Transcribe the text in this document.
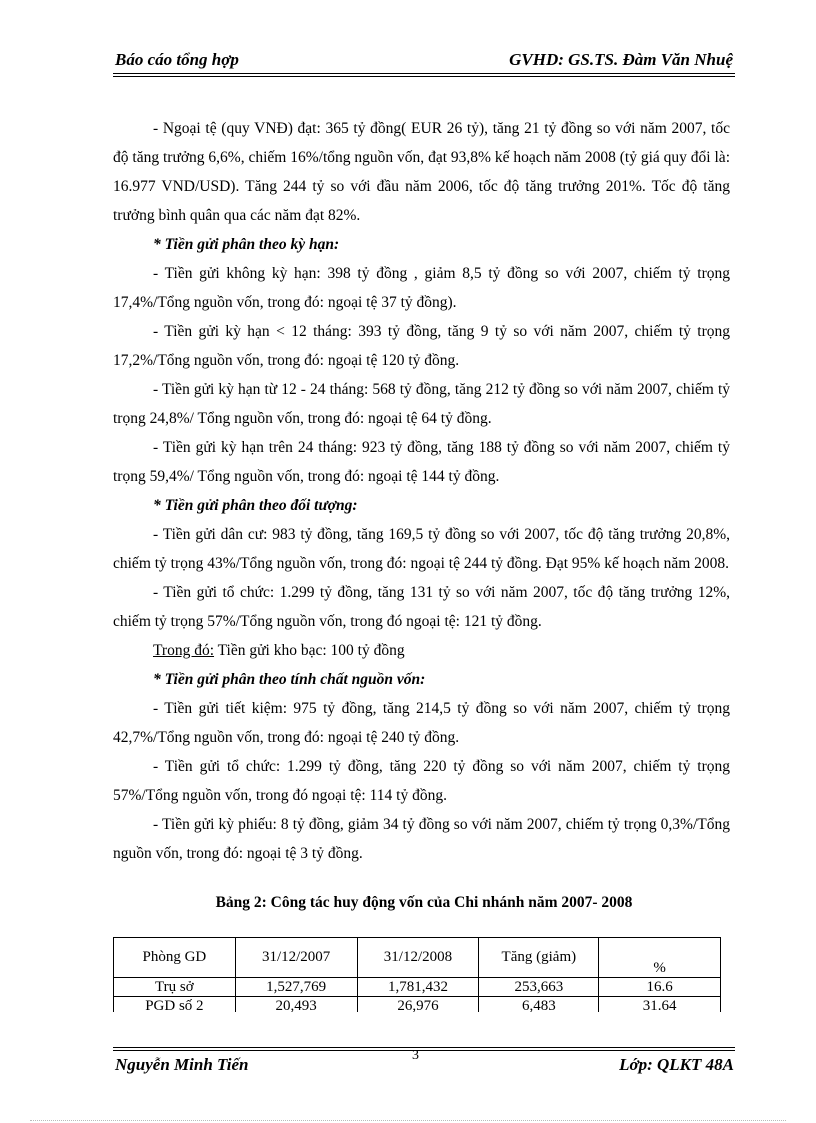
Báo cáo tổng hợp	GVHD: GS.TS. Đàm Văn Nhuệ

- Ngoại tệ (quy VNĐ) đạt: 365 tỷ đồng( EUR 26 tỷ), tăng 21 tỷ đồng so với năm 2007, tốc độ tăng trưởng 6,6%, chiếm 16%/tổng nguồn vốn, đạt 93,8% kế hoạch năm 2008 (tỷ giá quy đổi là: 16.977 VND/USD). Tăng 244 tỷ so với đầu năm 2006, tốc độ tăng trưởng 201%. Tốc độ tăng trưởng bình quân qua các năm đạt 82%.

* Tiền gửi phân theo kỳ hạn:

- Tiền gửi không kỳ hạn: 398 tỷ đồng , giảm 8,5 tỷ đồng so với 2007, chiếm tỷ trọng 17,4%/Tổng nguồn vốn, trong đó: ngoại tệ 37 tỷ đồng).

- Tiền gửi kỳ hạn < 12 tháng: 393 tỷ đồng, tăng 9 tỷ so với năm 2007, chiếm tỷ trọng 17,2%/Tổng nguồn vốn, trong đó: ngoại tệ 120 tỷ đồng.

- Tiền gửi kỳ hạn từ 12 - 24 tháng: 568 tỷ đồng, tăng 212 tỷ đồng so với năm 2007, chiếm tỷ trọng 24,8%/ Tổng nguồn vốn, trong đó: ngoại tệ 64 tỷ đồng.

- Tiền gửi kỳ hạn trên 24 tháng: 923 tỷ đồng, tăng 188 tỷ đồng so với năm 2007, chiếm tỷ trọng 59,4%/ Tổng nguồn vốn, trong đó: ngoại tệ 144 tỷ đồng.

* Tiền gửi phân theo đối tượng:

- Tiền gửi dân cư: 983 tỷ đồng, tăng 169,5 tỷ đồng so với 2007, tốc độ tăng trưởng 20,8%, chiếm tỷ trọng 43%/Tổng nguồn vốn, trong đó: ngoại tệ 244 tỷ đồng. Đạt 95% kế hoạch năm 2008.

- Tiền gửi tổ chức: 1.299 tỷ đồng, tăng 131 tỷ so với năm 2007, tốc độ tăng trưởng 12%, chiếm tỷ trọng 57%/Tổng nguồn vốn, trong đó ngoại tệ: 121 tỷ đồng.

Trong đó: Tiền gửi kho bạc: 100 tỷ đồng

* Tiền gửi phân theo tính chất nguồn vốn:

- Tiền gửi tiết kiệm: 975 tỷ đồng, tăng 214,5 tỷ đồng so với năm 2007, chiếm tỷ trọng 42,7%/Tổng nguồn vốn, trong đó: ngoại tệ 240 tỷ đồng.

- Tiền gửi tổ chức: 1.299 tỷ đồng, tăng 220 tỷ đồng so với năm 2007, chiếm tỷ trọng 57%/Tổng nguồn vốn, trong đó ngoại tệ: 114 tỷ đồng.

- Tiền gửi kỳ phiếu: 8 tỷ đồng, giảm 34 tỷ đồng so với năm 2007, chiếm tỷ trọng 0,3%/Tổng nguồn vốn, trong đó: ngoại tệ 3 tỷ đồng.

Bảng 2: Công tác huy động vốn của Chi nhánh năm 2007- 2008
Phòng GD	31/12/2007	31/12/2008	Tăng (giảm)	%
Trụ sở	1,527,769	1,781,432	253,663	16.6
PGD số 2	20,493	26,976	6,483	31.64
Nguyễn Minh Tiến	3	Lớp: QLKT 48A
